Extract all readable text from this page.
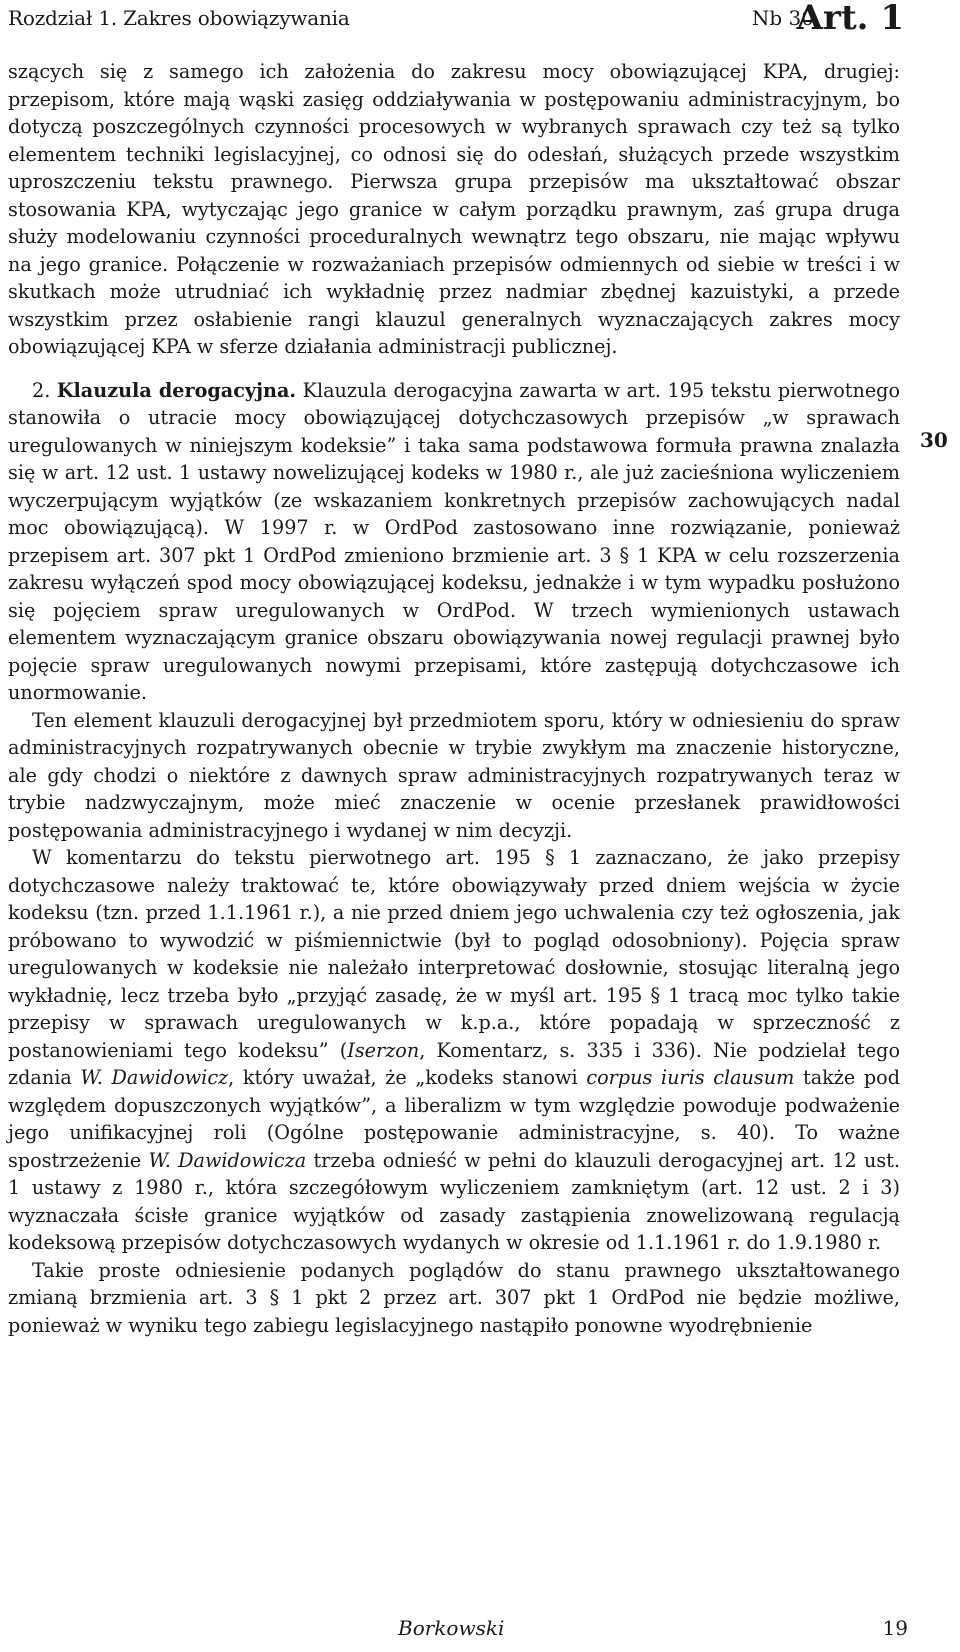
Rozdział 1. Zakres obowiązywania	Nb 30
Art. 1

szących się z samego ich założenia do zakresu mocy obowiązującej KPA, drugiej: przepisom, które mają wąski zasięg oddziaływania w postępowaniu administracyjnym, bo dotyczą poszczególnych czynności procesowych w wybranych sprawach czy też są tylko elementem techniki legislacyjnej, co odnosi się do odesłań, służących przede wszystkim uproszczeniu tekstu prawnego. Pierwsza grupa przepisów ma ukształtować obszar stosowania KPA, wytyczając jego granice w całym porządku prawnym, zaś grupa druga służy modelowaniu czynności proceduralnych wewnątrz tego obszaru, nie mając wpływu na jego granice. Połączenie w rozważaniach przepisów odmiennych od siebie w treści i w skutkach może utrudniać ich wykładnię przez nadmiar zbędnej kazuistyki, a przede wszystkim przez osłabienie rangi klauzul generalnych wyznaczających zakres mocy obowiązującej KPA w sferze działania administracji publicznej.

2. Klauzula derogacyjna. Klauzula derogacyjna zawarta w art. 195 tekstu pierwotnego stanowiła o utracie mocy obowiązującej dotychczasowych przepisów „w sprawach uregulowanych w niniejszym kodeksie” i taka sama podstawowa formuła prawna znalazła się w art. 12 ust. 1 ustawy nowelizującej kodeks w 1980 r., ale już zacieśniona wyliczeniem wyczerpującym wyjątków (ze wskazaniem konkretnych przepisów zachowujących nadal moc obowiązującą). W 1997 r. w OrdPod zastosowano inne rozwiązanie, ponieważ przepisem art. 307 pkt 1 OrdPod zmieniono brzmienie art. 3 § 1 KPA w celu rozszerzenia zakresu wyłączeń spod mocy obowiązującej kodeksu, jednakże i w tym wypadku posłużono się pojęciem spraw uregulowanych w OrdPod. W trzech wymienionych ustawach elementem wyznaczającym granice obszaru obowiązywania nowej regulacji prawnej było pojęcie spraw uregulowanych nowymi przepisami, które zastępują dotychczasowe ich unormowanie.

Ten element klauzuli derogacyjnej był przedmiotem sporu, który w odniesieniu do spraw administracyjnych rozpatrywanych obecnie w trybie zwykłym ma znaczenie historyczne, ale gdy chodzi o niektóre z dawnych spraw administracyjnych rozpatrywanych teraz w trybie nadzwyczajnym, może mieć znaczenie w ocenie przesłanek prawidłowości postępowania administracyjnego i wydanej w nim decyzji.

W komentarzu do tekstu pierwotnego art. 195 § 1 zaznaczano, że jako przepisy dotychczasowe należy traktować te, które obowiązywały przed dniem wejścia w życie kodeksu (tzn. przed 1.1.1961 r.), a nie przed dniem jego uchwalenia czy też ogłoszenia, jak próbowano to wywodzić w piśmiennictwie (był to pogląd odosobniony). Pojęcia spraw uregulowanych w kodeksie nie należało interpretować dosłownie, stosując literalną jego wykładnię, lecz trzeba było „przyjąć zasadę, że w myśl art. 195 § 1 tracą moc tylko takie przepisy w sprawach uregulowanych w k.p.a., które popadają w sprzeczność z postanowieniami tego kodeksu” (Iserzon, Komentarz, s. 335 i 336). Nie podzielał tego zdania W. Dawidowicz, który uważał, że „kodeks stanowi corpus iuris clausum także pod względem dopuszczonych wyjątków”, a liberalizm w tym względzie powoduje podważenie jego unifikacyjnej roli (Ogólne postępowanie administracyjne, s. 40). To ważne spostrzeżenie W. Dawidowicza trzeba odnieść w pełni do klauzuli derogacyjnej art. 12 ust. 1 ustawy z 1980 r., która szczegółowym wyliczeniem zamkniętym (art. 12 ust. 2 i 3) wyznaczała ścisłe granice wyjątków od zasady zastąpienia znowelizowaną regulacją kodeksową przepisów dotychczasowych wydanych w okresie od 1.1.1961 r. do 1.9.1980 r.

Takie proste odniesienie podanych poglądów do stanu prawnego ukształtowanego zmianą brzmienia art. 3 § 1 pkt 2 przez art. 307 pkt 1 OrdPod nie będzie możliwe, ponieważ w wyniku tego zabiegu legislacyjnego nastąpiło ponowne wyodrębnienie

30
Borkowski	19
